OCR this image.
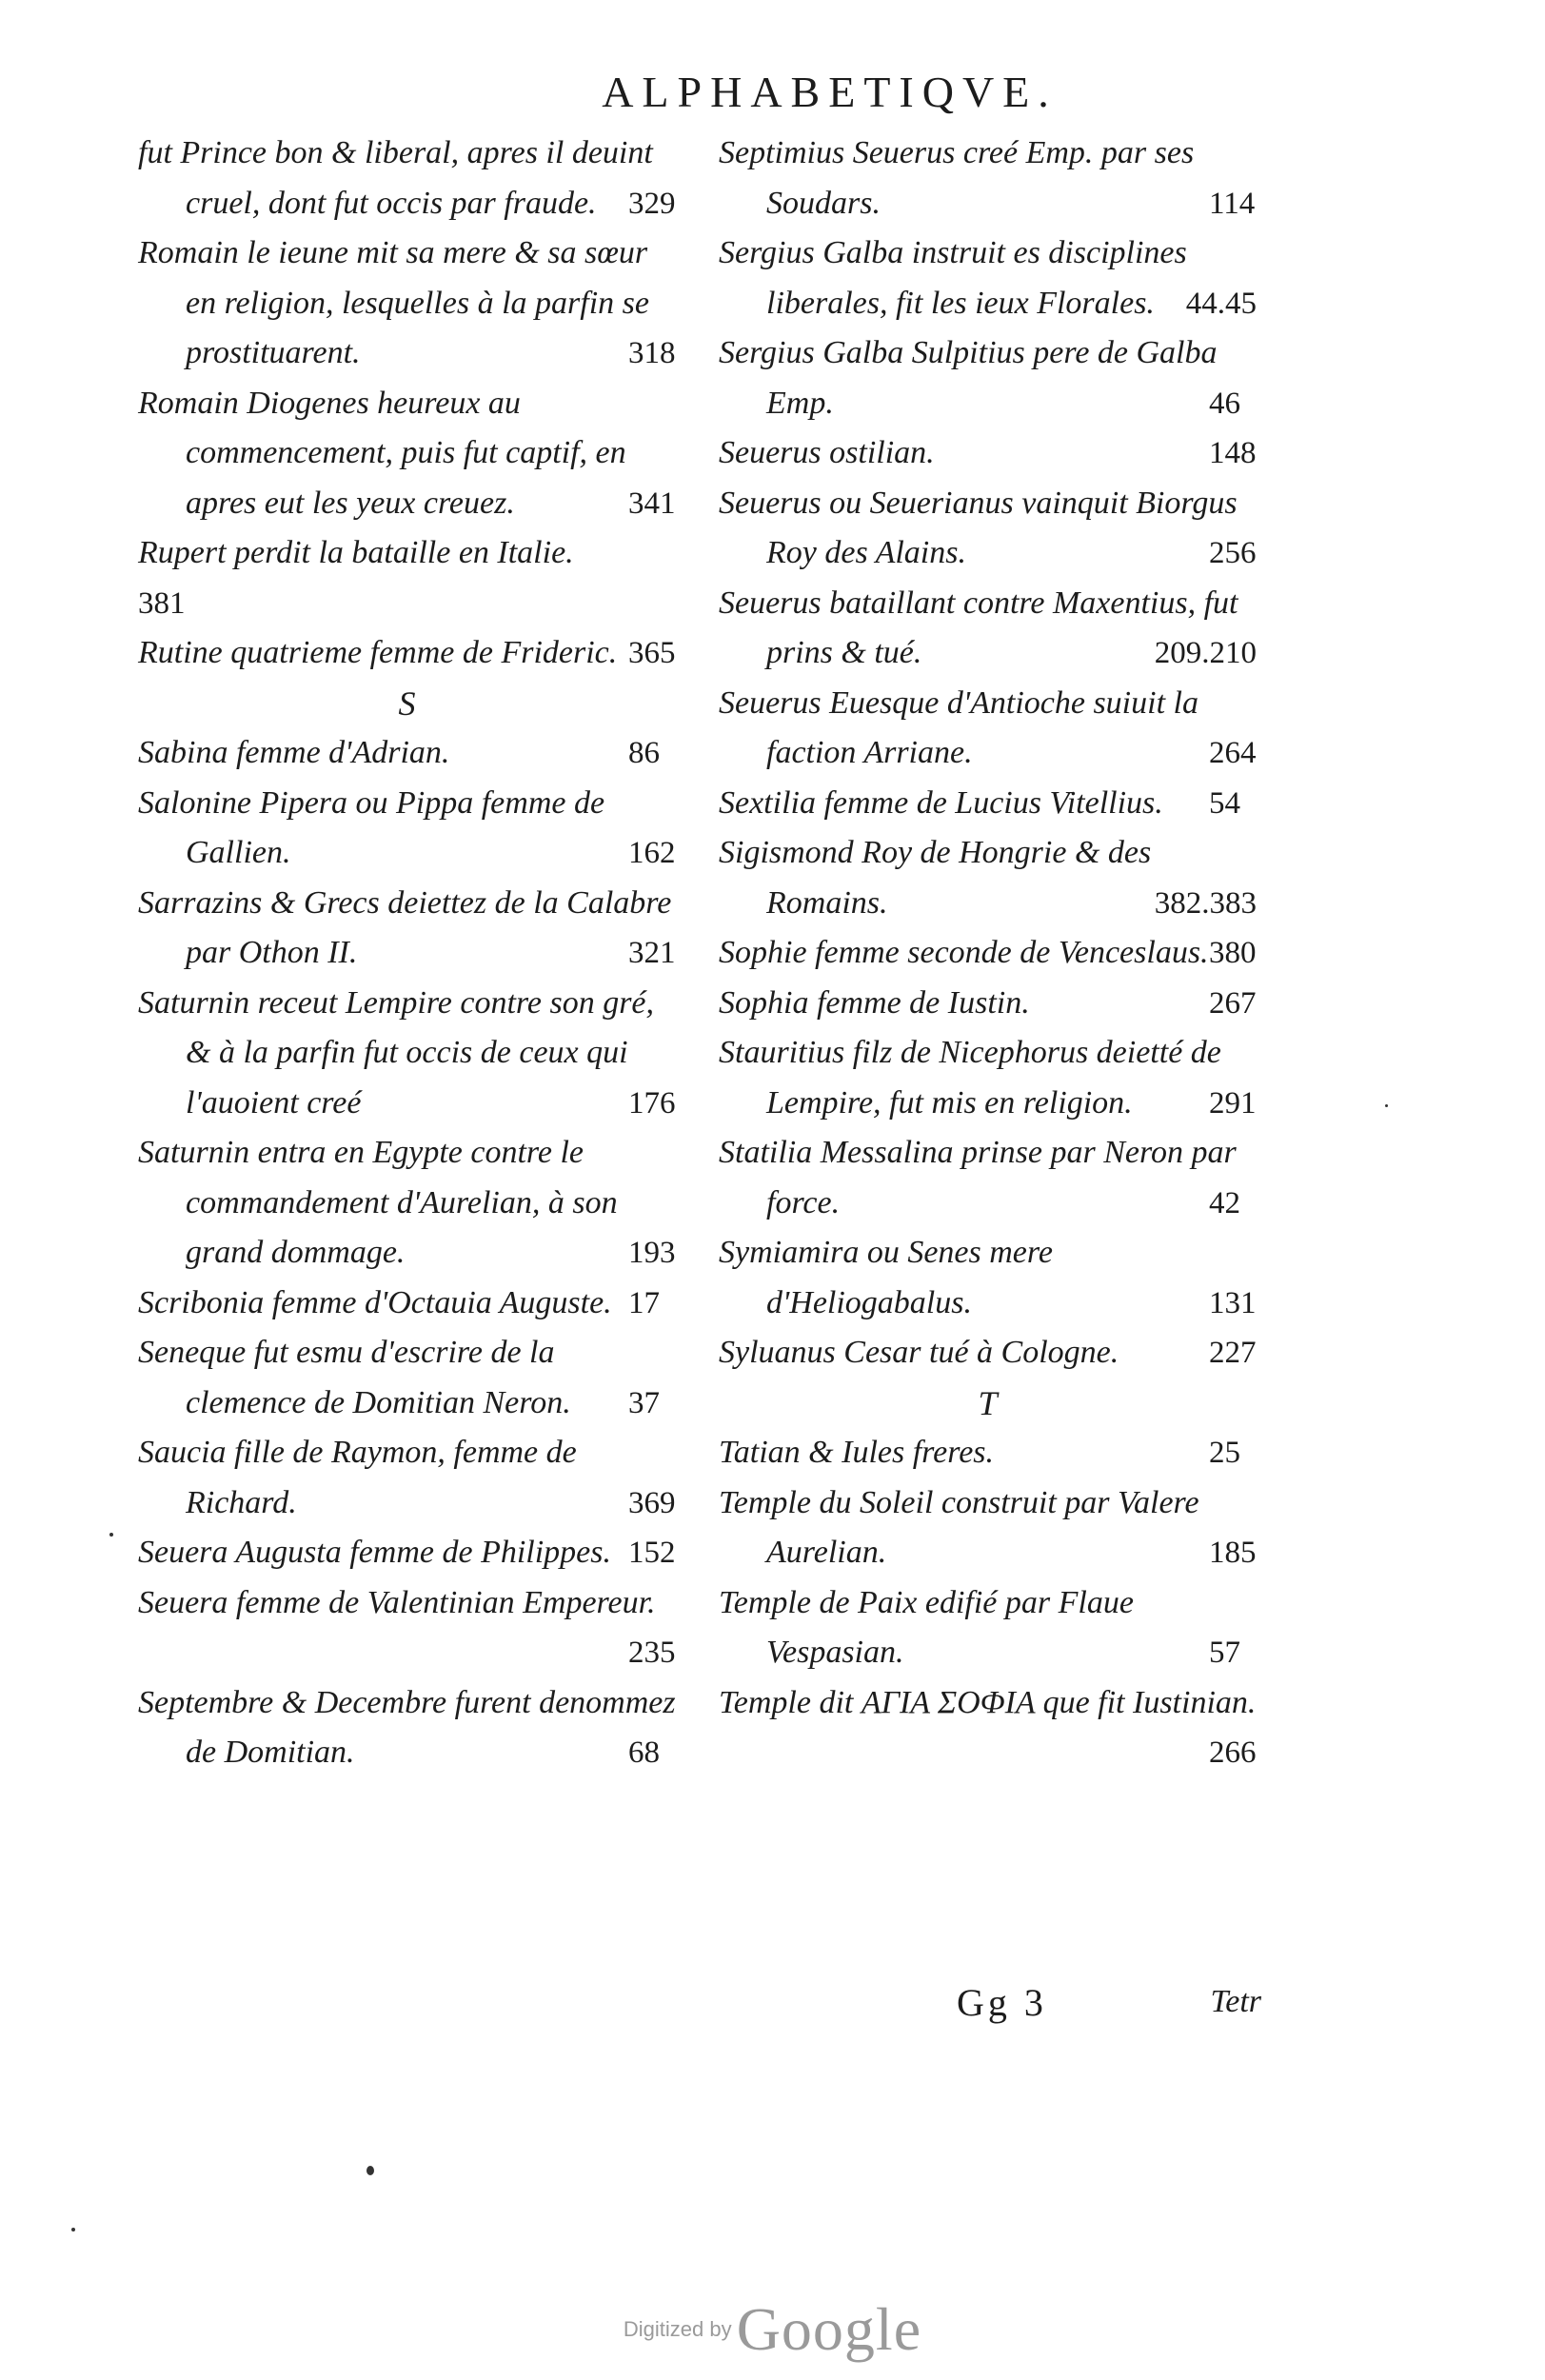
ALPHABETIQVE.

fut Prince bon & liberal, apres il deuint cruel, dont fut occis par fraude. 329

Romain le ieune mit sa mere & sa sœur en religion, lesquelles à la parfin se prostituarent.	318

Romain Diogenes heureux au commencement, puis fut captif, en apres eut les yeux creuez.	341

Rupert perdit la bataille en Italie.
381

Rutine quatrieme femme de Frideric. 365

S

Sabina femme d'Adrian.	86

Salonine Pipera ou Pippa femme de Gallien.	162

Sarrazins & Grecs deiettez de la Calabre par Othon II.	321

Saturnin receut Lempire contre son gré, & à la parfin fut occis de ceux qui l'auoient creé	176

Saturnin entra en Egypte contre le commandement d'Aurelian, à son grand dommage.	193

Scribonia femme d'Octauia Auguste. 17

Seneque fut esmu d'escrire de la clemence de Domitian Neron. 37

Saucia fille de Raymon, femme de Richard.	369

Seuera Augusta femme de Philippes. 152

Seuera femme de Valentinian Empereur.
235

Septembre & Decembre furent denommez de Domitian.	68

Septimius Seuerus creé Emp. par ses Soudars.	114

Sergius Galba instruit es disciplines liberales, fit les ieux Florales. 44.45

Sergius Galba Sulpitius pere de Galba Emp.	46

Seuerus ostilian.	148

Seuerus ou Seuerianus vainquit Biorgus Roy des Alains.	256

Seuerus bataillant contre Maxentius, fut prins & tué.	209.210

Seuerus Euesque d'Antioche suiuit la faction Arriane.	264

Sextilia femme de Lucius Vitellius. 54

Sigismond Roy de Hongrie & des Romains.	382.383

Sophie femme seconde de Venceslaus. 380

Sophia femme de Iustin.	267

Stauritius filz de Nicephorus deietté de Lempire, fut mis en religion. 291

Statilia Messalina prinse par Neron par force.	42

Symiamira ou Senes mere d'Heliogabalus.	131

Syluanus Cesar tué à Cologne.	227

T

Tatian & Iules freres.	25

Temple du Soleil construit par Valere Aurelian.	185

Temple de Paix edifié par Flaue Vespasian.	57

Temple dit ΑΓΙΑ ΣΟΦΙΑ que fit Iustinian.
266

Gg 3	Tetr
Digitized by Google
